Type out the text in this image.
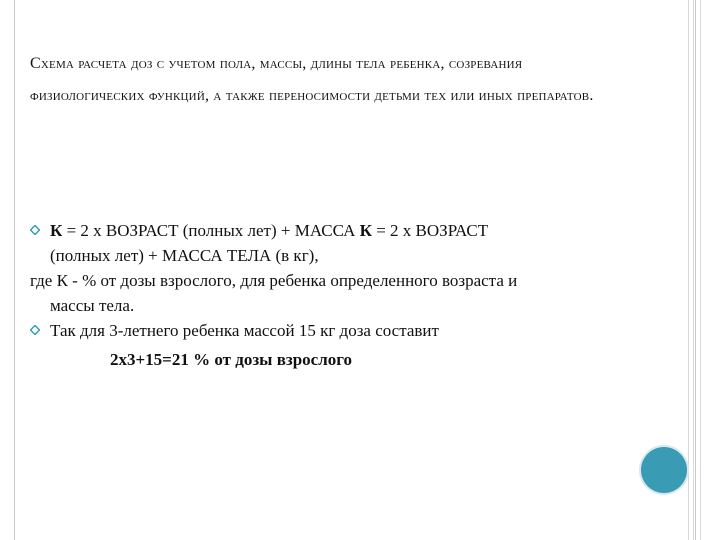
Схема расчета доз с учетом пола, массы, длины тела ребенка, созревания физиологических функций, а также переносимости детьми тех или иных препаратов.

К = 2 х ВОЗРАСТ (полных лет) + МАССА К = 2 х ВОЗРАСТ
(полных лет) + МАССА ТЕЛА (в кг),

где К - % от дозы взрослого, для ребенка определенного возраста и
массы тела.

Так для 3-летнего ребенка массой 15 кг доза составит

2х3+15=21 % от дозы взрослого
